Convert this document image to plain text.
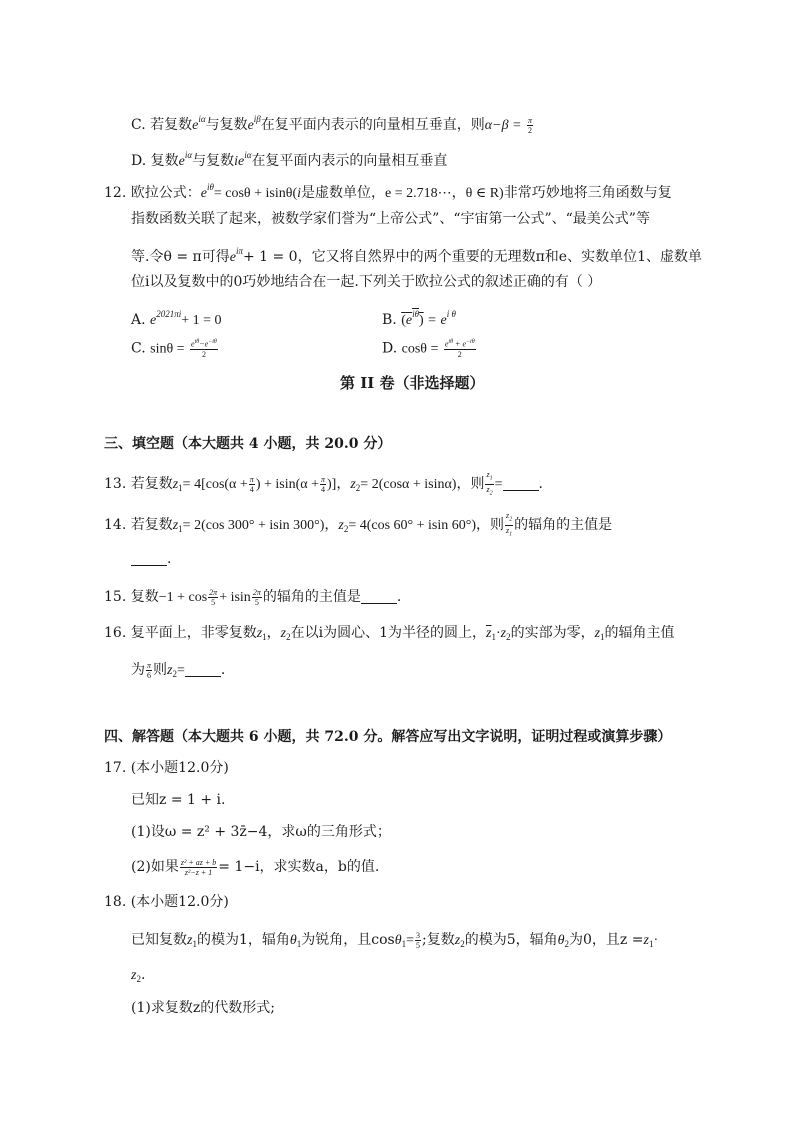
C. 若复数$e^{i\alpha}$与复数$e^{i\beta}$在复平面内表示的向量相互垂直，则$\alpha-\beta = \frac{\pi}{2}$
D. 复数$e^{i\alpha}$与复数$ie^{i\alpha}$在复平面内表示的向量相互垂直
12. 欧拉公式：$e^{i\theta}= \cos\theta + isin\theta(i$是虚数单位，e = 2.718⋯，θ ∈ R)非常巧妙地将三角函数与复
指数函数关联了起来，被数学家们誉为“上帝公式”、“宇宙第一公式”、“最美公式”等
等.令θ = π可得$e^{i\pi}+ 1 = 0$，它又将自然界中的两个重要的无理数π和e、实数单位1、虚数单
位i以及复数中的0巧妙地结合在一起.下列关于欧拉公式的叙述正确的有（ ）
A. $e^{2021\pi i}+ 1 = 0$	B. $(e^{i\theta}) = e^{i \theta}$
C. $\sin\theta = \frac{e^{i\theta}-e^{-i\theta}}{2}$	D. $\cos\theta = \frac{e^{i\theta} + e^{-i\theta}}{2}$
第 II 卷（非选择题）
三、填空题（本大题共 4 小题，共 20.0 分）
13. 若复数$z_1= 4[\cos(\alpha + \frac{\pi}{4}$ ) + $isin(\alpha + \frac{\pi}{4}$ )]，$z_2= 2(\cos\alpha + isin\alpha)$，则 $\frac{z_1}{z_2}$ =	.
14. 若复数$z_1= 2(\cos$ 300° + isin 300°)，$z_2= 4(\cos$ 60° + isin 60°)，则 $\frac{z_2}{z_1}$ 的辐角的主值是
.
15. 复数$-1 + \cos \frac{2\pi}{5} + isin \frac{2\pi}{5}$ 的辐角的主值是	.
16. 复平面上，非零复数$z_1$，$z_2$在以i为圆心、1为半径的圆上，$\overline{z}_1\cdot z_2$的实部为零，$z_1$的辐角主值
为 $\frac{\pi}{6}$ 则$z_2=$	.
四、解答题（本大题共 6 小题，共 72.0 分。解答应写出文字说明，证明过程或演算步骤）
17. (本小题12.0分)
已知z = 1 + i.
(1)设ω = z² + 3z̄−4，求ω的三角形式；
(2)如果 $\frac{\text{z² + az + b}}{\text{z²−z + 1}} = 1-i$，求实数a，b的值.
18. (本小题12.0分)
已知复数$z_1$的模为1，辐角$\theta_1$为锐角，且$\cos\theta_1= \frac{3}{5}$ ;复数$z_2$的模为5，辐角$\theta_2$为0，且$z =z_1\cdot$
$z_2$.
(1)求复数z的代数形式;
